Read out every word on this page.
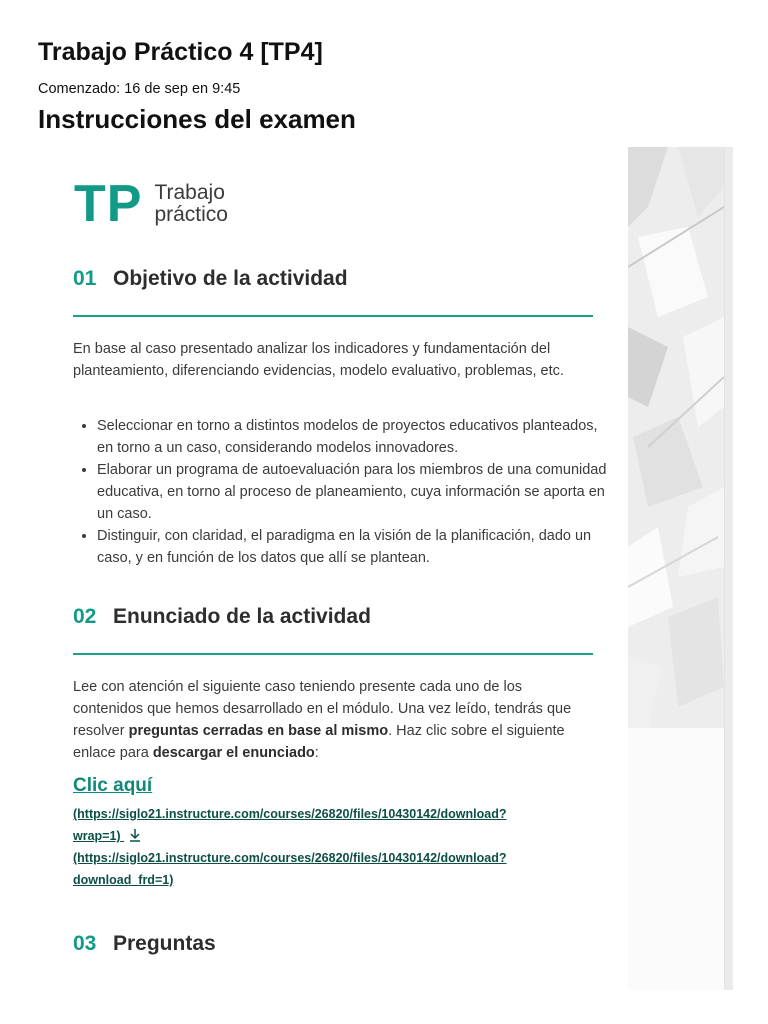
Trabajo Práctico 4 [TP4]
Comenzado: 16 de sep en 9:45
Instrucciones del examen
TP Trabajo
práctico
01 Objetivo de la actividad

En base al caso presentado analizar los indicadores y fundamentación del planteamiento, diferenciando evidencias, modelo evaluativo, problemas, etc.

• Seleccionar en torno a distintos modelos de proyectos educativos planteados, en torno a un caso, considerando modelos innovadores.
• Elaborar un programa de autoevaluación para los miembros de una comunidad educativa, en torno al proceso de planeamiento, cuya información se aporta en un caso.
• Distinguir, con claridad, el paradigma en la visión de la planificación, dado un caso, y en función de los datos que allí se plantean.
02 Enunciado de la actividad

Lee con atención el siguiente caso teniendo presente cada uno de los contenidos que hemos desarrollado en el módulo. Una vez leído, tendrás que resolver preguntas cerradas en base al mismo. Haz clic sobre el siguiente enlace para descargar el enunciado:

Clic aquí
(https://siglo21.instructure.com/courses/26820/files/10430142/download?
wrap=1)
(https://siglo21.instructure.com/courses/26820/files/10430142/download?
download_frd=1)
03 Preguntas
